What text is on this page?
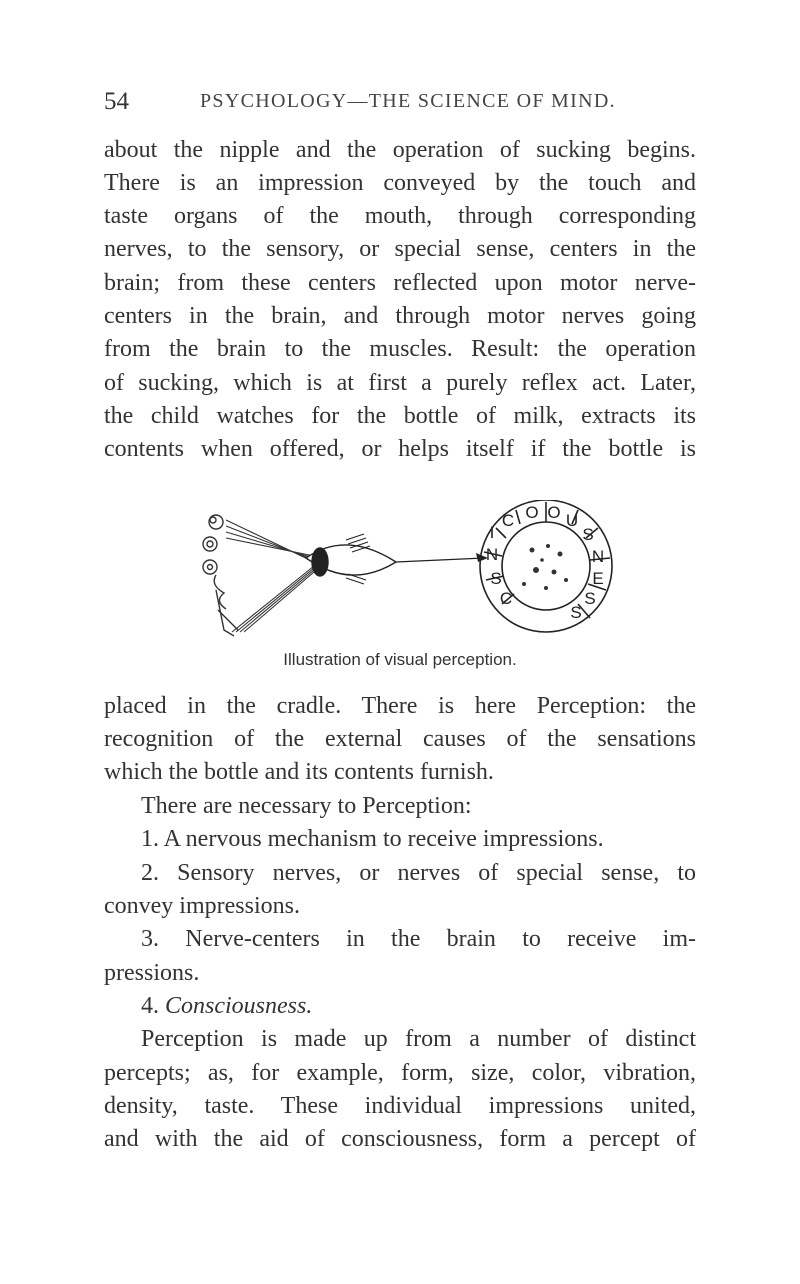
54	PSYCHOLOGY—THE SCIENCE OF MIND.
about the nipple and the operation of sucking begins.
There is an impression conveyed by the touch and
taste organs of the mouth, through corresponding
nerves, to the sensory, or special sense, centers in the
brain; from these centers reflected upon motor nerve-
centers in the brain, and through motor nerves going
from the brain to the muscles. Result: the operation
of sucking, which is at first a purely reflex act. Later,
the child watches for the bottle of milk, extracts its
contents when offered, or helps itself if the bottle is
C O
N
S
C
I
O U
S
N
E
S
S
Illustration of visual perception.
placed in the cradle. There is here Perception: the
recognition of the external causes of the sensations
which the bottle and its contents furnish.
There are necessary to Perception:
1. A nervous mechanism to receive impressions.
2. Sensory nerves, or nerves of special sense, to
convey impressions.
3. Nerve-centers in the brain to receive im-
pressions.
4. Consciousness.
Perception is made up from a number of distinct
percepts; as, for example, form, size, color, vibration,
density, taste. These individual impressions united,
and with the aid of consciousness, form a percept of
